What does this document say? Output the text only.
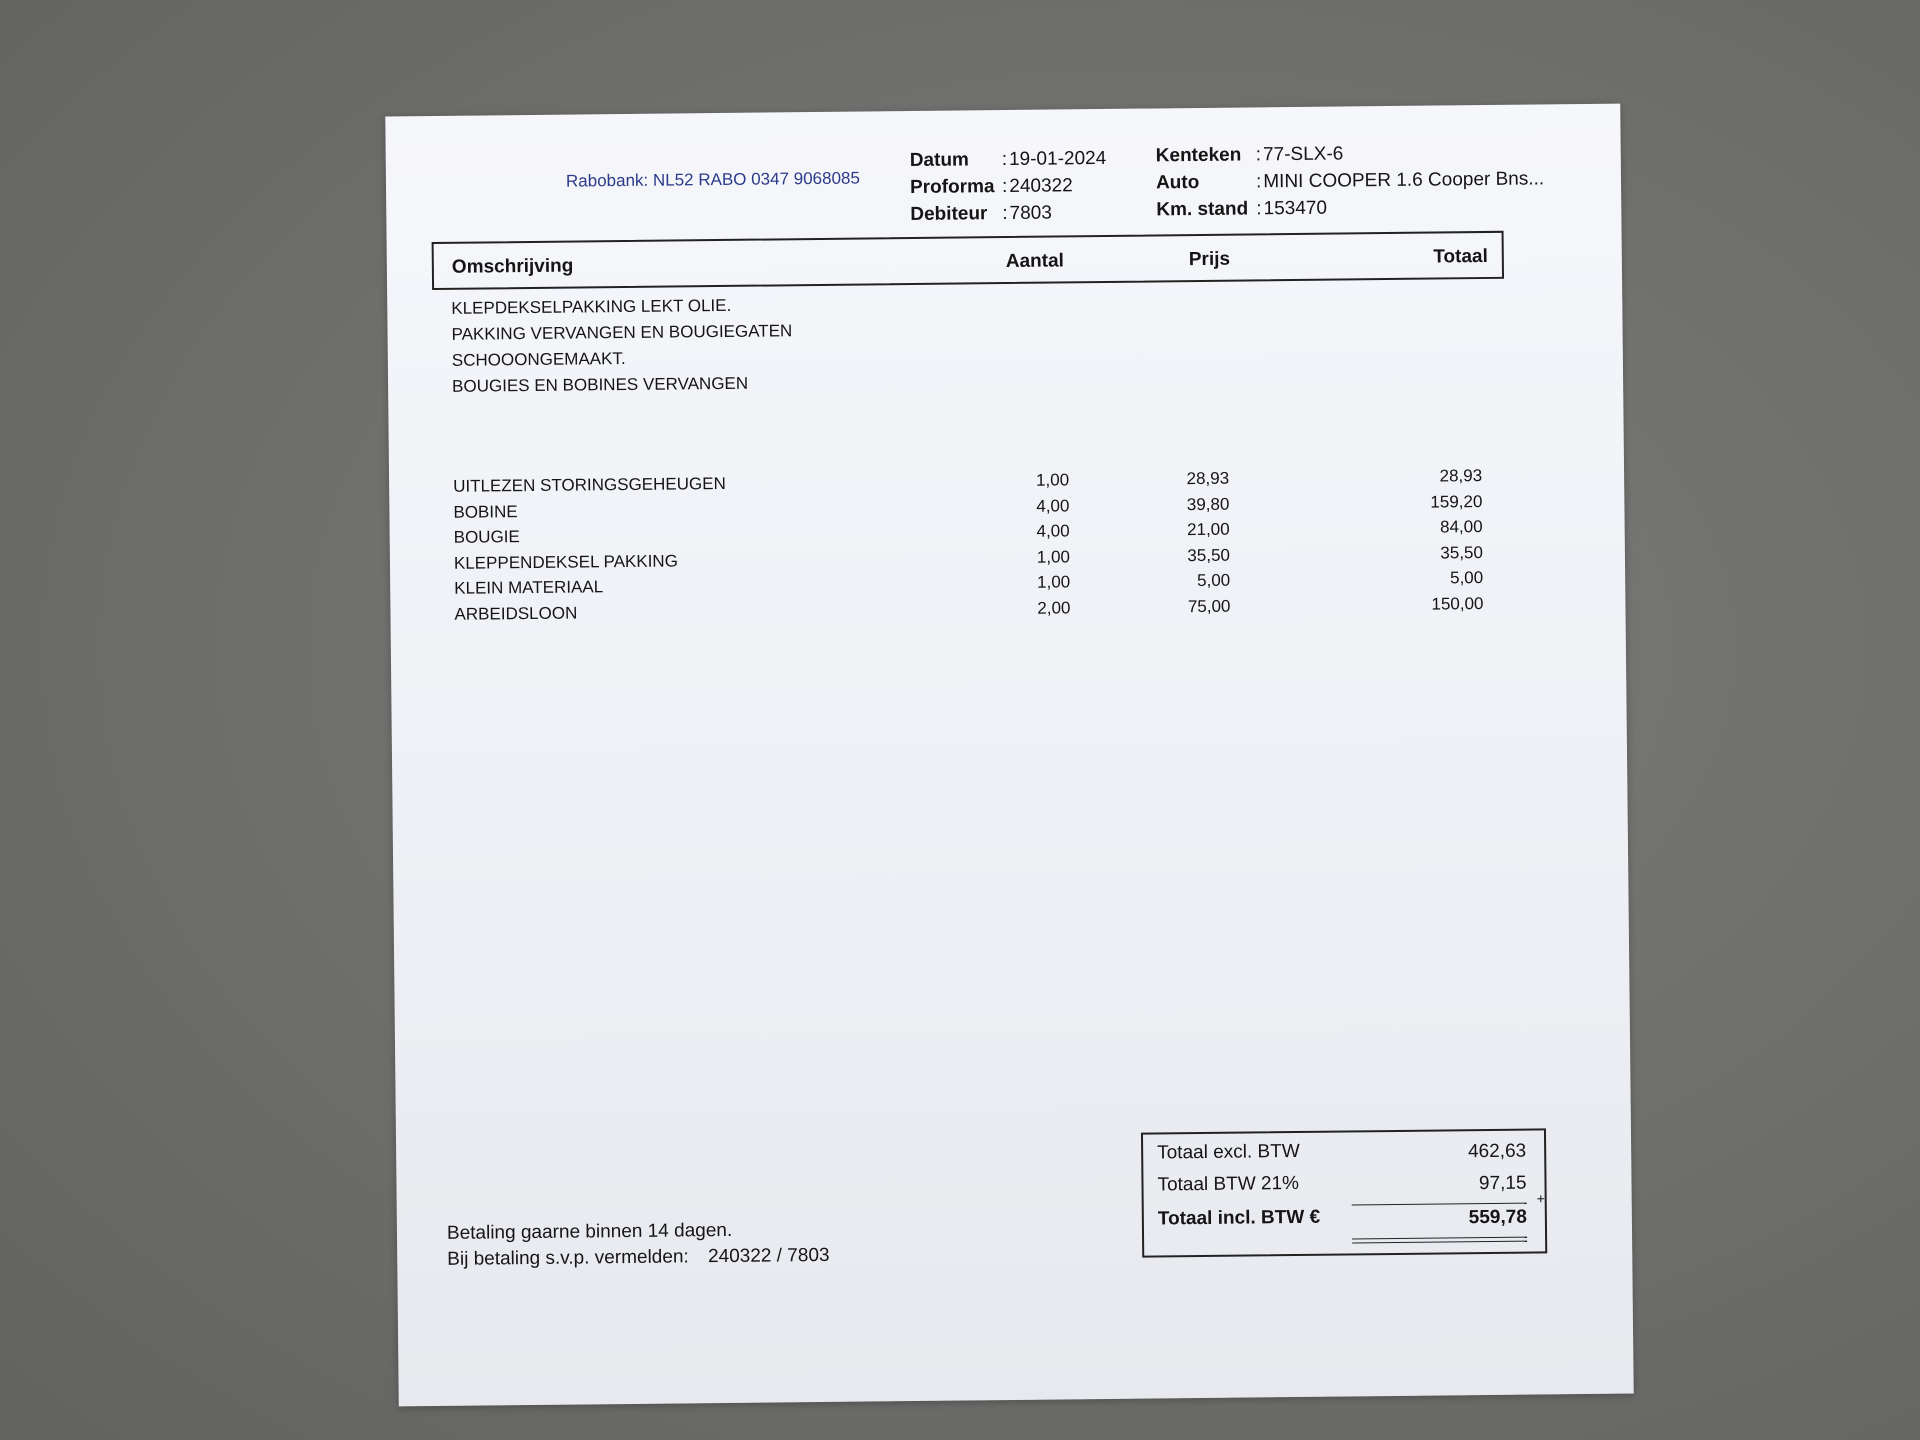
Rabobank: NL52 RABO 0347 9068085
Datum	: 19-01-2024
Proforma : 240322
Debiteur : 7803
Kenteken : 77-SLX-6
Auto	: MINI COOPER 1.6 Cooper Bns...
Km. stand : 153470
Omschrijving	Aantal	Prijs	Totaal
KLEPDEKSELPAKKING LEKT OLIE.
PAKKING VERVANGEN EN BOUGIEGATEN
SCHOOONGEMAAKT.
BOUGIES EN BOBINES VERVANGEN
UITLEZEN STORINGSGEHEUGEN	1,00	28,93	28,93
BOBINE	4,00	39,80	159,20
BOUGIE	4,00	21,00	84,00
KLEPPENDEKSEL PAKKING	1,00	35,50	35,50
KLEIN MATERIAAL	1,00	5,00	5,00
ARBEIDSLOON	2,00	75,00	150,00
Betaling gaarne binnen 14 dagen.
Bij betaling s.v.p. vermelden: 240322 / 7803
Totaal excl. BTW	462,63
Totaal BTW 21%	97,15
+
Totaal incl. BTW €	559,78
